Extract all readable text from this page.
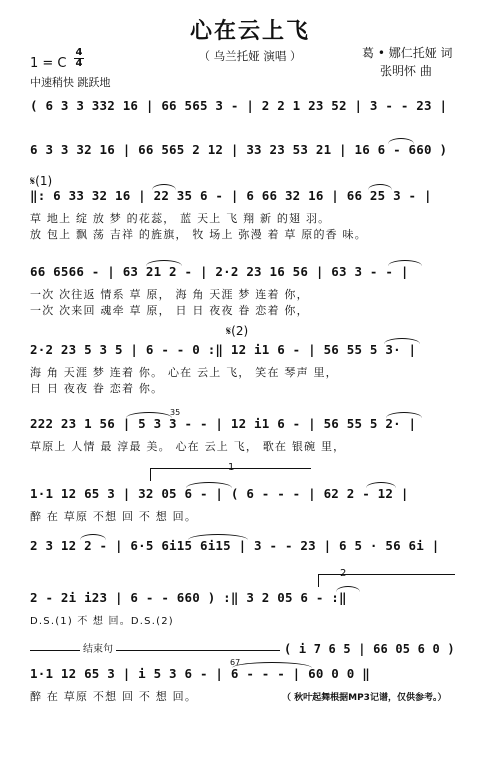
心在云上飞
（ 乌兰托娅 演唱 ）	葛 • 娜仁托娅 词
张明怀 曲
1 = C $\frac{4}{4}$
中速稍快 跳跃地
( 6 3 3 332 16 | 66 565 3 - | 2 2 1 23 52 | 3 - - 23 |
6 3 3 32 16 | 66 565 2 12 | 33 23 53 21 | 16 6 - 660 )
𝄋(1)
‖: 6 33 32 16 | 22 35 6 - | 6 66 32 16 | 66 25 3 - |
草 地上 绽 放 梦 的花蕊， 蓝 天上 飞 翔 新 的翅 羽。
放 包上 飘 荡 吉祥 的旌旗， 牧 场上 弥漫 着 草 原的香 味。
66 6566 - | 63 21 2 - | 2·2 23 16 56 | 63 3 - - |
一次 次往返 情系 草 原， 海 角 天涯 梦 连着 你，
一次 次来回 魂牵 草 原， 日 日 夜夜 眷 恋着 你，
𝄋(2)
2·2 23 5 3 5 | 6 - - 0 :‖ 12 i1 6 - | 56 55 5 3· |
海 角 天涯 梦 连着 你。 心在 云上 飞， 笑在 琴声 里，
日 日 夜夜 眷 恋着 你。
222 23 1 56 | 5 3 3 - - | 12 i1 6 - | 56 55 5 2· |
草原上 人情 最 淳最 美。 心在 云上 飞， 歌在 银碗 里，
35
1
1·1 12 65 3 | 32 05 6 - | ( 6 - - - | 62 2 - 12 |
醉 在 草原 不想 回 不 想 回。
2 3 12 2 - | 6·5 6i15 6i15 | 3 - - 23 | 6 5 · 56 6i |
2
2 - 2i i23 | 6 - - 660 ) :‖ 3 2 05 6 - :‖
D.S.(1) 不 想 回。D.S.(2)
结束句	( i 7 6 5 | 66 05 6 0 )
1·1 12 65 3 | i 5 3 6 - | 6 - - - | 60 0 0 ‖
醉 在 草原 不想 回 不 想 回。
67
（ 秋叶起舞根据MP3记谱，仅供参考。）
